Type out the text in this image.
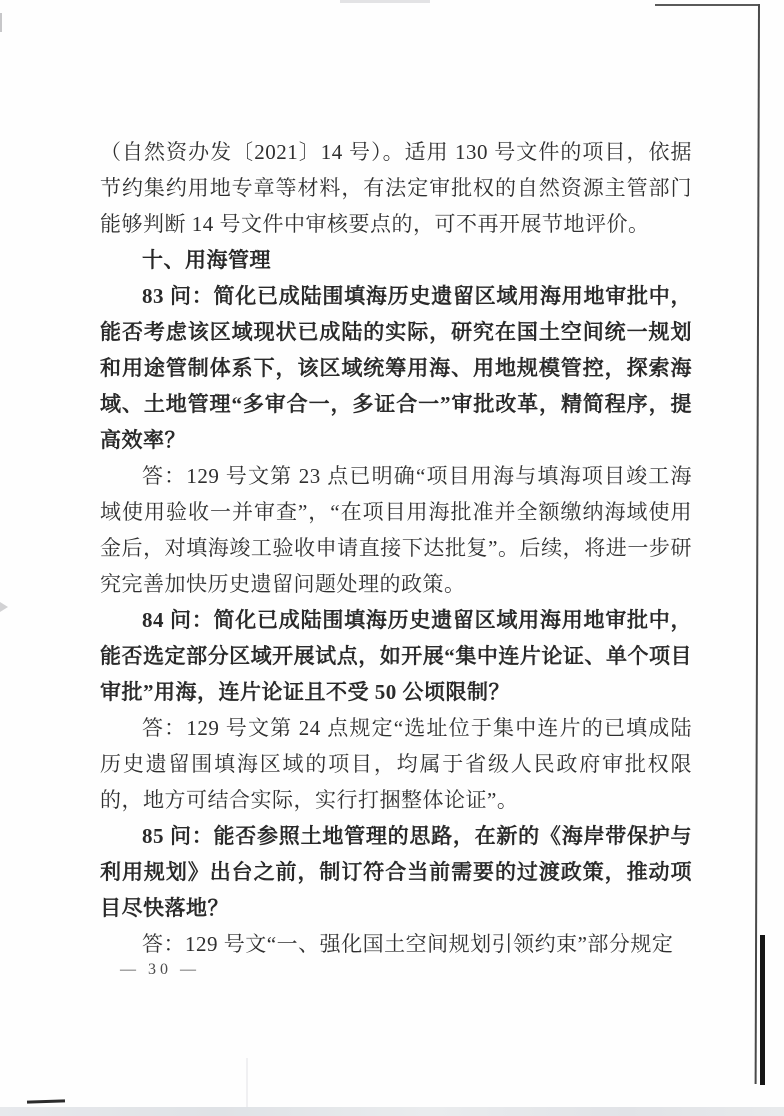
（自然资办发〔2021〕14 号）。适用 130 号文件的项目，依据节约集约用地专章等材料，有法定审批权的自然资源主管部门能够判断 14 号文件中审核要点的，可不再开展节地评价。

十、用海管理

83 问：简化已成陆围填海历史遗留区域用海用地审批中，能否考虑该区域现状已成陆的实际，研究在国土空间统一规划和用途管制体系下，该区域统筹用海、用地规模管控，探索海域、土地管理“多审合一，多证合一”审批改革，精简程序，提高效率？

答：129 号文第 23 点已明确“项目用海与填海项目竣工海域使用验收一并审查”，“在项目用海批准并全额缴纳海域使用金后，对填海竣工验收申请直接下达批复”。后续，将进一步研究完善加快历史遗留问题处理的政策。

84 问：简化已成陆围填海历史遗留区域用海用地审批中，能否选定部分区域开展试点，如开展“集中连片论证、单个项目审批”用海，连片论证且不受 50 公顷限制？

答：129 号文第 24 点规定“选址位于集中连片的已填成陆历史遗留围填海区域的项目，均属于省级人民政府审批权限的，地方可结合实际，实行打捆整体论证”。

85 问：能否参照土地管理的思路，在新的《海岸带保护与利用规划》出台之前，制订符合当前需要的过渡政策，推动项目尽快落地？

答：129 号文“一、强化国土空间规划引领约束”部分规定

— 30 —
